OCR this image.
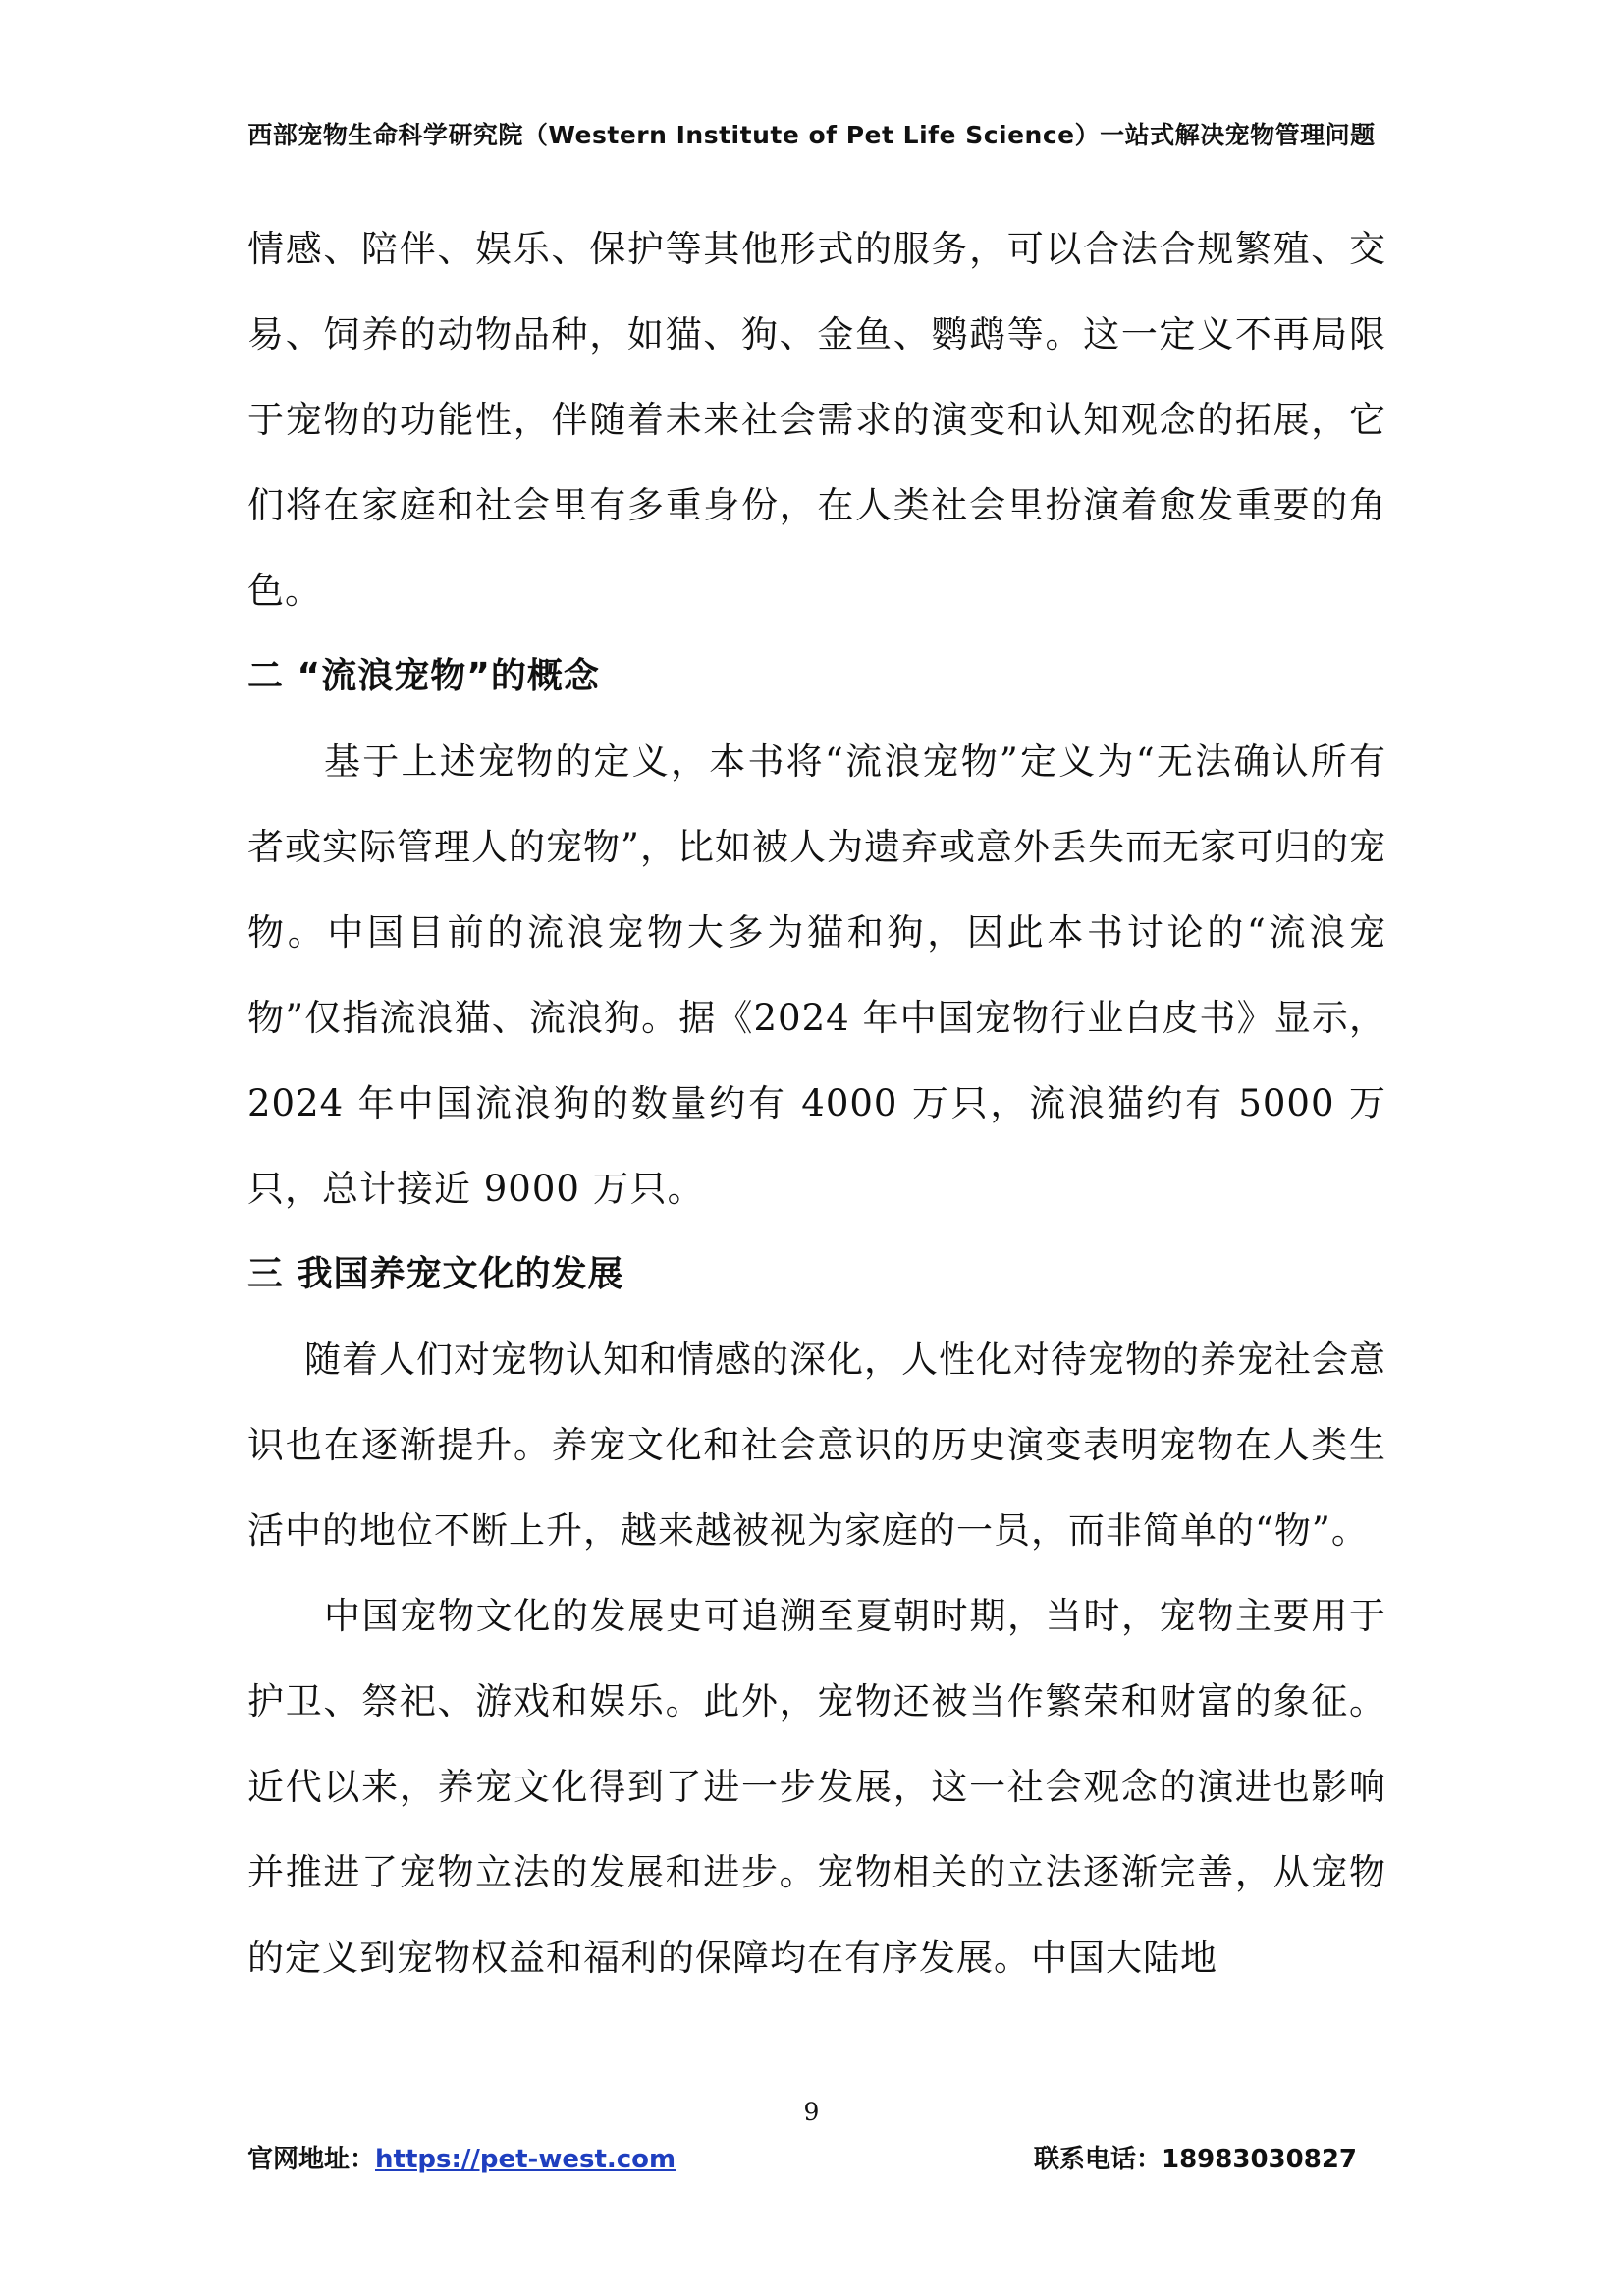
西部宠物生命科学研究院（Western Institute of Pet Life Science）一站式解决宠物管理问题

情感、陪伴、娱乐、保护等其他形式的服务，可以合法合规繁殖、交易、饲养的动物品种，如猫、狗、金鱼、鹦鹉等。这一定义不再局限于宠物的功能性，伴随着未来社会需求的演变和认知观念的拓展，它们将在家庭和社会里有多重身份，在人类社会里扮演着愈发重要的角色。

二 “流浪宠物”的概念

基于上述宠物的定义，本书将“流浪宠物”定义为“无法确认所有者或实际管理人的宠物”，比如被人为遗弃或意外丢失而无家可归的宠物。中国目前的流浪宠物大多为猫和狗，因此本书讨论的“流浪宠物”仅指流浪猫、流浪狗。据《2024 年中国宠物行业白皮书》显示，2024 年中国流浪狗的数量约有 4000 万只，流浪猫约有 5000 万只，总计接近 9000 万只。

三 我国养宠文化的发展

随着人们对宠物认知和情感的深化，人性化对待宠物的养宠社会意识也在逐渐提升。养宠文化和社会意识的历史演变表明宠物在人类生活中的地位不断上升，越来越被视为家庭的一员，而非简单的“物”。

中国宠物文化的发展史可追溯至夏朝时期，当时，宠物主要用于护卫、祭祀、游戏和娱乐。此外，宠物还被当作繁荣和财富的象征。近代以来，养宠文化得到了进一步发展，这一社会观念的演进也影响并推进了宠物立法的发展和进步。宠物相关的立法逐渐完善，从宠物的定义到宠物权益和福利的保障均在有序发展。中国大陆地

9
官网地址：https://pet-west.com	联系电话：18983030827
